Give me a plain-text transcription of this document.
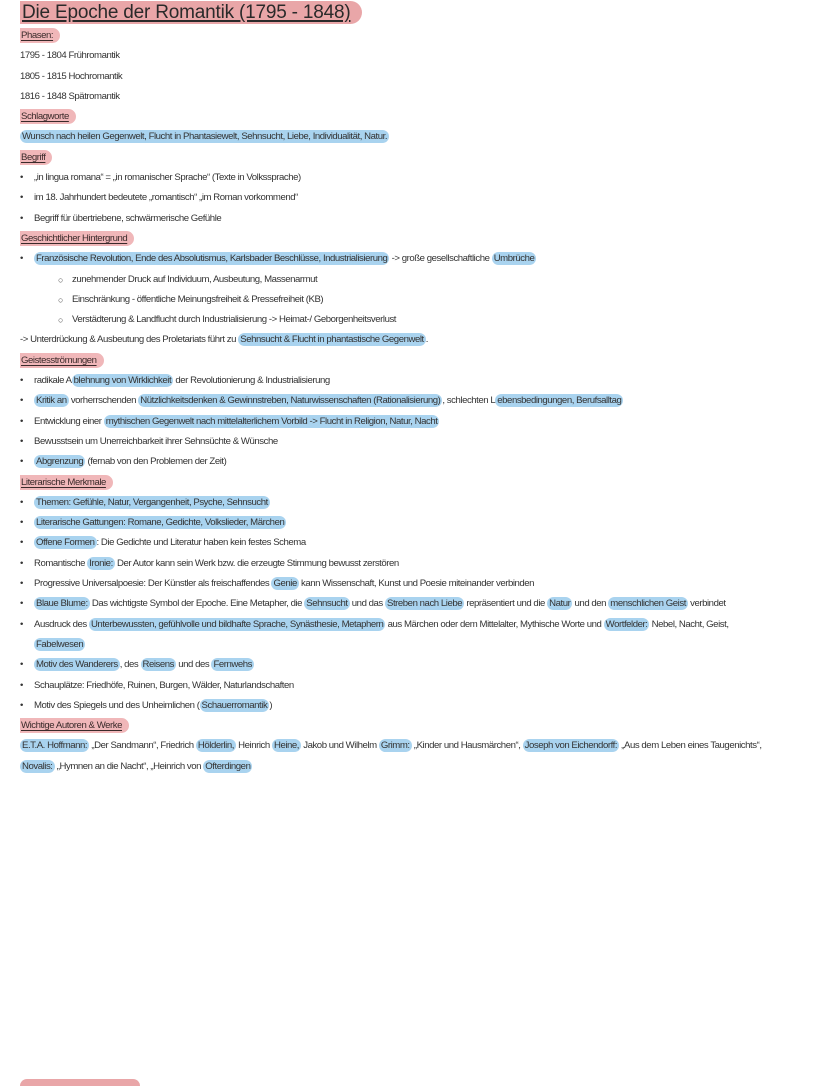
Die Epoche der Romantik (1795 - 1848)
Phasen:
1795 - 1804 Frühromantik
1805 - 1815 Hochromantik
1816 - 1848 Spätromantik
Schlagworte
Wunsch nach heilen Gegenwelt, Flucht in Phantasiewelt, Sehnsucht, Liebe, Individualität, Natur.
Begriff
• „in lingua romana“ = „in romanischer Sprache“ (Texte in Volkssprache)
• im 18. Jahrhundert bedeutete „romantisch“ „im Roman vorkommend“
• Begriff für übertriebene, schwärmerische Gefühle
Geschichtlicher Hintergrund
• Französische Revolution, Ende des Absolutismus, Karlsbader Beschlüsse, Industrialisierung -> große gesellschaftliche Umbrüche
○ zunehmender Druck auf Individuum, Ausbeutung, Massenarmut
○ Einschränkung - öffentliche Meinungsfreiheit & Pressefreiheit (KB)
○ Verstädterung & Landflucht durch Industrialisierung -> Heimat-/ Geborgenheitsverlust
-> Unterdrückung & Ausbeutung des Proletariats führt zu Sehnsucht & Flucht in phantastische Gegenwelt .
Geistesströmungen
• radikale A blehnung von Wirklichkeit der Revolutionierung & Industrialisierung
• Kritik an vorherrschenden Nützlichkeitsdenken & Gewinnstreben, Naturwissenschaften (Rationalisierung) , schlechten L ebensbedingungen, Berufsalltag
• Entwicklung einer mythischen Gegenwelt nach mittelalterlichem Vorbild -> Flucht in Religion, Natur, Nacht
• Bewusstsein um Unerreichbarkeit ihrer Sehnsüchte & Wünsche
• Abgrenzung (fernab von den Problemen der Zeit)
Literarische Merkmale
• Themen: Gefühle, Natur, Vergangenheit, Psyche, Sehnsucht
• Literarische Gattungen: Romane, Gedichte, Volkslieder, Märchen
• Offene Formen : Die Gedichte und Literatur haben kein festes Schema
• Romantische Ironie: Der Autor kann sein Werk bzw. die erzeugte Stimmung bewusst zerstören
• Progressive Universalpoesie: Der Künstler als freischaffendes Genie kann Wissenschaft, Kunst und Poesie miteinander verbinden
• Blaue Blume: Das wichtigste Symbol der Epoche. Eine Metapher, die Sehnsucht und das Streben nach Liebe repräsentiert und die Natur und den menschlichen Geist verbindet
• Ausdruck des Unterbewussten, gefühlvolle und bildhafte Sprache, Synästhesie, Metaphern aus Märchen oder dem Mittelalter, Mythische Worte und Wortfelder: Nebel, Nacht, Geist,
Fabelwesen
• Motiv des Wanderers , des Reisens und des Fernwehs
• Schauplätze: Friedhöfe, Ruinen, Burgen, Wälder, Naturlandschaften
• Motiv des Spiegels und des Unheimlichen ( Schauerromantik )
Wichtige Autoren & Werke
E.T.A. Hoffmann: „Der Sandmann“, Friedrich Hölderlin, Heinrich Heine, Jakob und Wilhelm Grimm: „Kinder und Hausmärchen“, Joseph von Eichendorff: „Aus dem Leben eines Taugenichts“,
Novalis: „Hymnen an die Nacht“, „Heinrich von Ofterdingen
